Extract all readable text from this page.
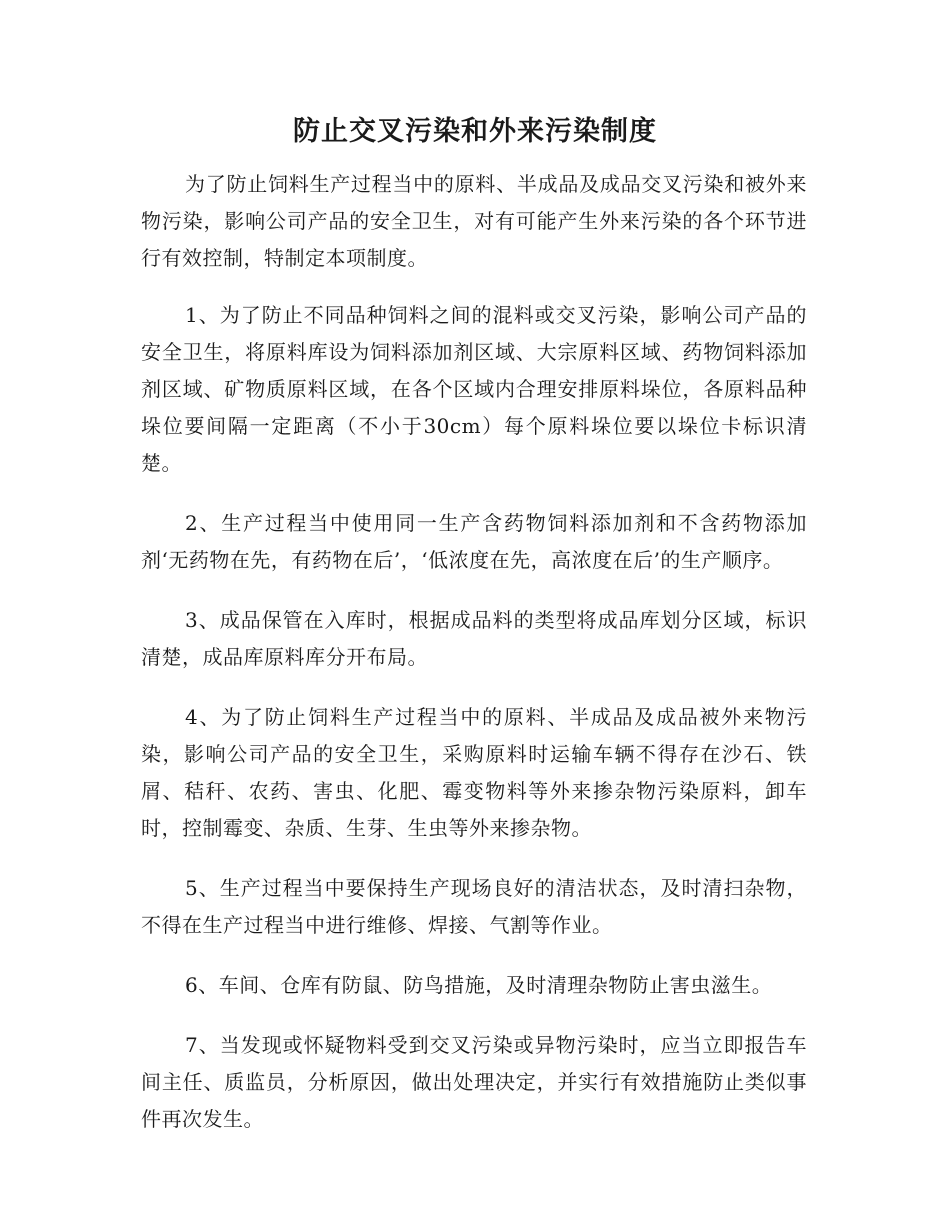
防止交叉污染和外来污染制度

为了防止饲料生产过程当中的原料、半成品及成品交叉污染和被外来物污染，影响公司产品的安全卫生，对有可能产生外来污染的各个环节进行有效控制，特制定本项制度。

1、为了防止不同品种饲料之间的混料或交叉污染，影响公司产品的安全卫生，将原料库设为饲料添加剂区域、大宗原料区域、药物饲料添加剂区域、矿物质原料区域，在各个区域内合理安排原料垛位，各原料品种垛位要间隔一定距离（不小于30cm）每个原料垛位要以垛位卡标识清楚。

2、生产过程当中使用同一生产含药物饲料添加剂和不含药物添加剂‘无药物在先，有药物在后’，‘低浓度在先，高浓度在后’的生产顺序。

3、成品保管在入库时，根据成品料的类型将成品库划分区域，标识清楚，成品库原料库分开布局。

4、为了防止饲料生产过程当中的原料、半成品及成品被外来物污染，影响公司产品的安全卫生，采购原料时运输车辆不得存在沙石、铁屑、秸秆、农药、害虫、化肥、霉变物料等外来掺杂物污染原料，卸车时，控制霉变、杂质、生芽、生虫等外来掺杂物。

5、生产过程当中要保持生产现场良好的清洁状态，及时清扫杂物，不得在生产过程当中进行维修、焊接、气割等作业。

6、车间、仓库有防鼠、防鸟措施，及时清理杂物防止害虫滋生。

7、当发现或怀疑物料受到交叉污染或异物污染时，应当立即报告车间主任、质监员，分析原因，做出处理决定，并实行有效措施防止类似事件再次发生。
